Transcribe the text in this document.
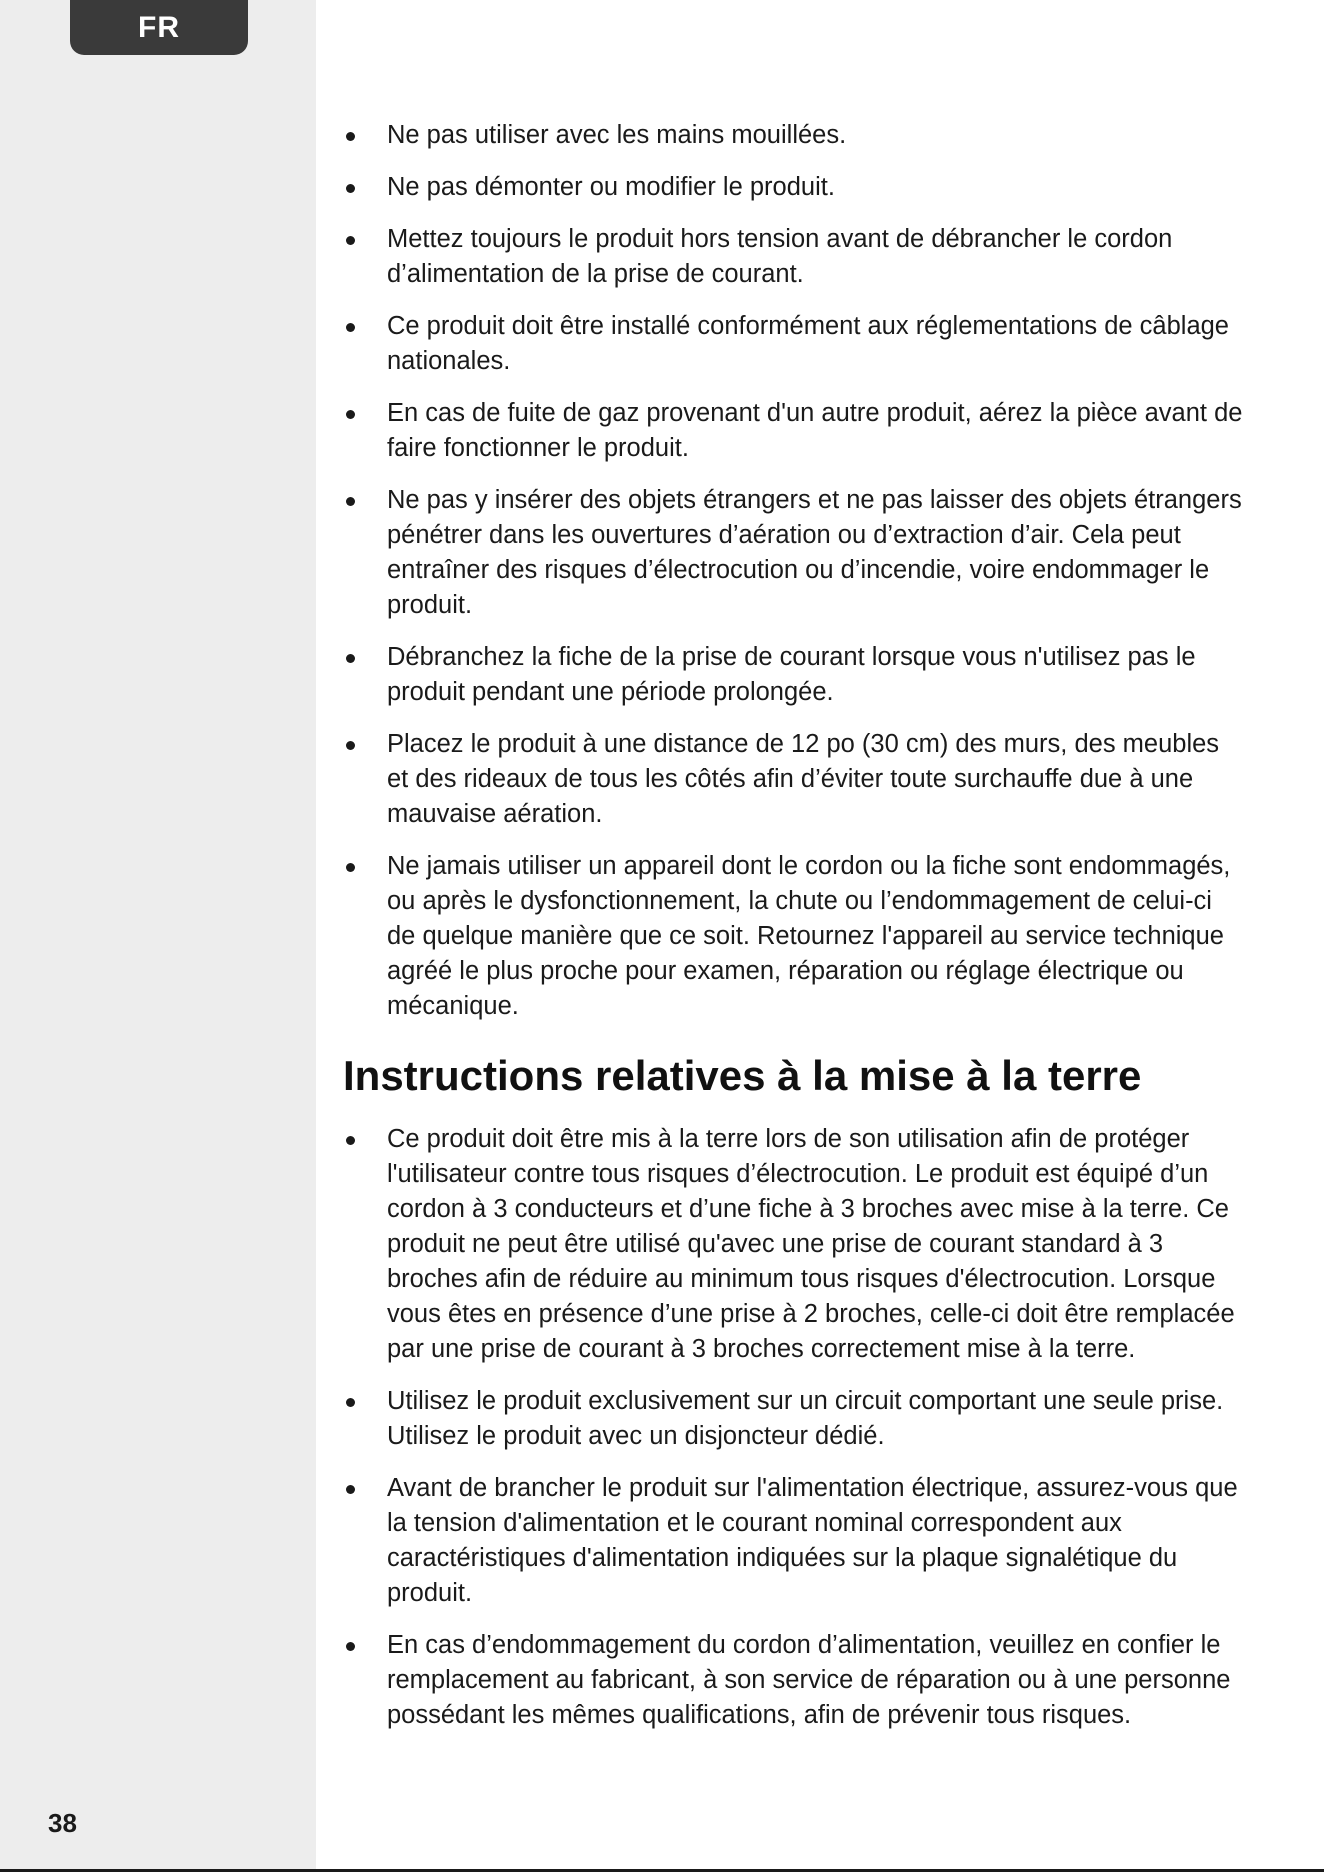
FR
38
Ne pas utiliser avec les mains mouillées.
Ne pas démonter ou modifier le produit.
Mettez toujours le produit hors tension avant de débrancher le cordon d’alimentation de la prise de courant.
Ce produit doit être installé conformément aux réglementations de câblage nationales.
En cas de fuite de gaz provenant d'un autre produit, aérez la pièce avant de faire fonctionner le produit.
Ne pas y insérer des objets étrangers et ne pas laisser des objets étrangers pénétrer dans les ouvertures d’aération ou d’extraction d’air. Cela peut entraîner des risques d’électrocution ou d’incendie, voire endommager le produit.
Débranchez la fiche de la prise de courant lorsque vous n'utilisez pas le produit pendant une période prolongée.
Placez le produit à une distance de 12 po (30 cm) des murs, des meubles et des rideaux de tous les côtés afin d’éviter toute surchauffe due à une mauvaise aération.
Ne jamais utiliser un appareil dont le cordon ou la fiche sont endommagés, ou après le dysfonctionnement, la chute ou l’endommagement de celui-ci de quelque manière que ce soit. Retournez l'appareil au service technique agréé le plus proche pour examen, réparation ou réglage électrique ou mécanique.
Instructions relatives à la mise à la terre
Ce produit doit être mis à la terre lors de son utilisation afin de protéger l'utilisateur contre tous risques d’électrocution. Le produit est équipé d’un cordon à 3 conducteurs et d’une fiche à 3 broches avec mise à la terre. Ce produit ne peut être utilisé qu'avec une prise de courant standard à 3 broches afin de réduire au minimum tous risques d'électrocution. Lorsque vous êtes en présence d’une prise à 2 broches, celle-ci doit être remplacée par une prise de courant à 3 broches correctement mise à la terre.
Utilisez le produit exclusivement sur un circuit comportant une seule prise. Utilisez le produit avec un disjoncteur dédié.
Avant de brancher le produit sur l'alimentation électrique, assurez-vous que la tension d'alimentation et le courant nominal correspondent aux caractéristiques d'alimentation indiquées sur la plaque signalétique du produit.
En cas d’endommagement du cordon d’alimentation, veuillez en confier le remplacement au fabricant, à son service de réparation ou à une personne possédant les mêmes qualifications, afin de prévenir tous risques.
